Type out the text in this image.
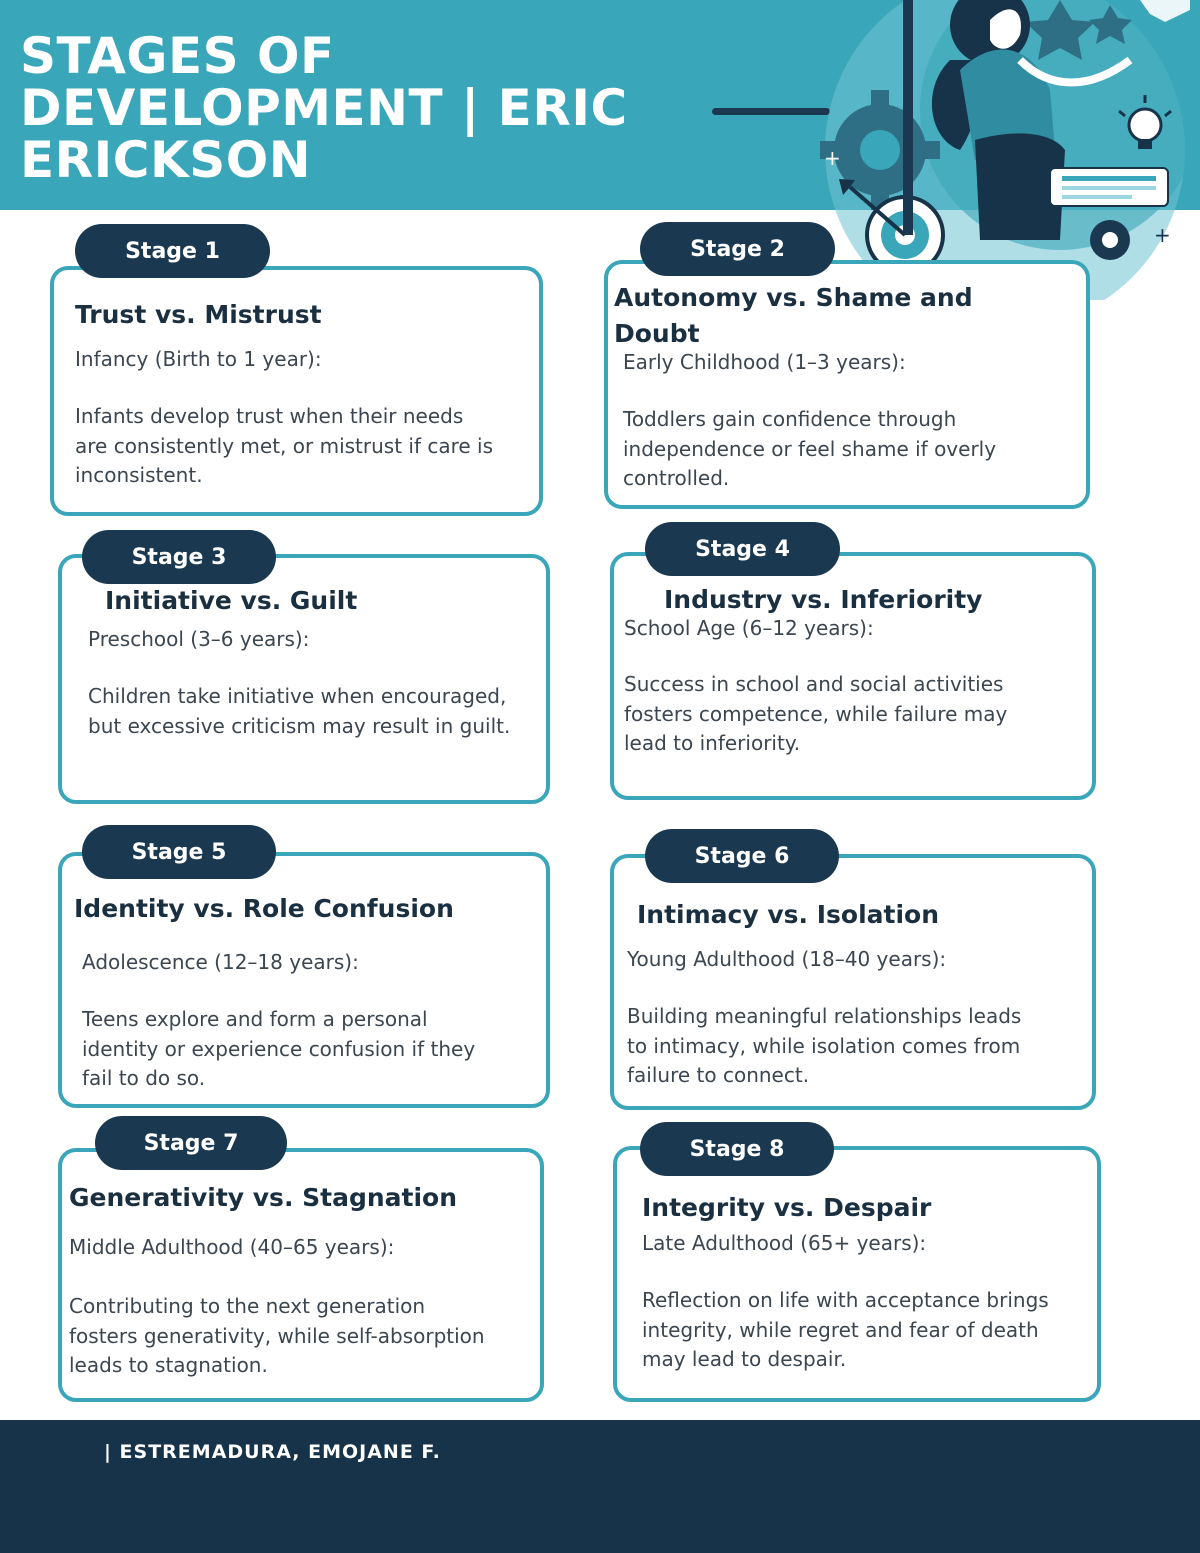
STAGES OF DEVELOPMENT | ERIC ERICKSON	+
+
Stage 1
Trust vs. Mistrust

Infancy (Birth to 1 year):

Infants develop trust when their needs
are consistently met, or mistrust if care is
inconsistent.

Stage 2
Autonomy vs. Shame and
Doubt

Early Childhood (1–3 years):

Toddlers gain confidence through
independence or feel shame if overly
controlled.

Stage 3
Initiative vs. Guilt

Preschool (3–6 years):

Children take initiative when encouraged,
but excessive criticism may result in guilt.

Stage 4
Industry vs. Inferiority

School Age (6–12 years):

Success in school and social activities
fosters competence, while failure may
lead to inferiority.

Stage 5
Identity vs. Role Confusion

Adolescence (12–18 years):

Teens explore and form a personal
identity or experience confusion if they
fail to do so.

Stage 6
Intimacy vs. Isolation

Young Adulthood (18–40 years):

Building meaningful relationships leads
to intimacy, while isolation comes from
failure to connect.

Stage 7
Generativity vs. Stagnation

Middle Adulthood (40–65 years):

Contributing to the next generation
fosters generativity, while self-absorption
leads to stagnation.

Stage 8
Integrity vs. Despair

Late Adulthood (65+ years):

Reflection on life with acceptance brings
integrity, while regret and fear of death
may lead to despair.

| ESTREMADURA, EMOJANE F.
